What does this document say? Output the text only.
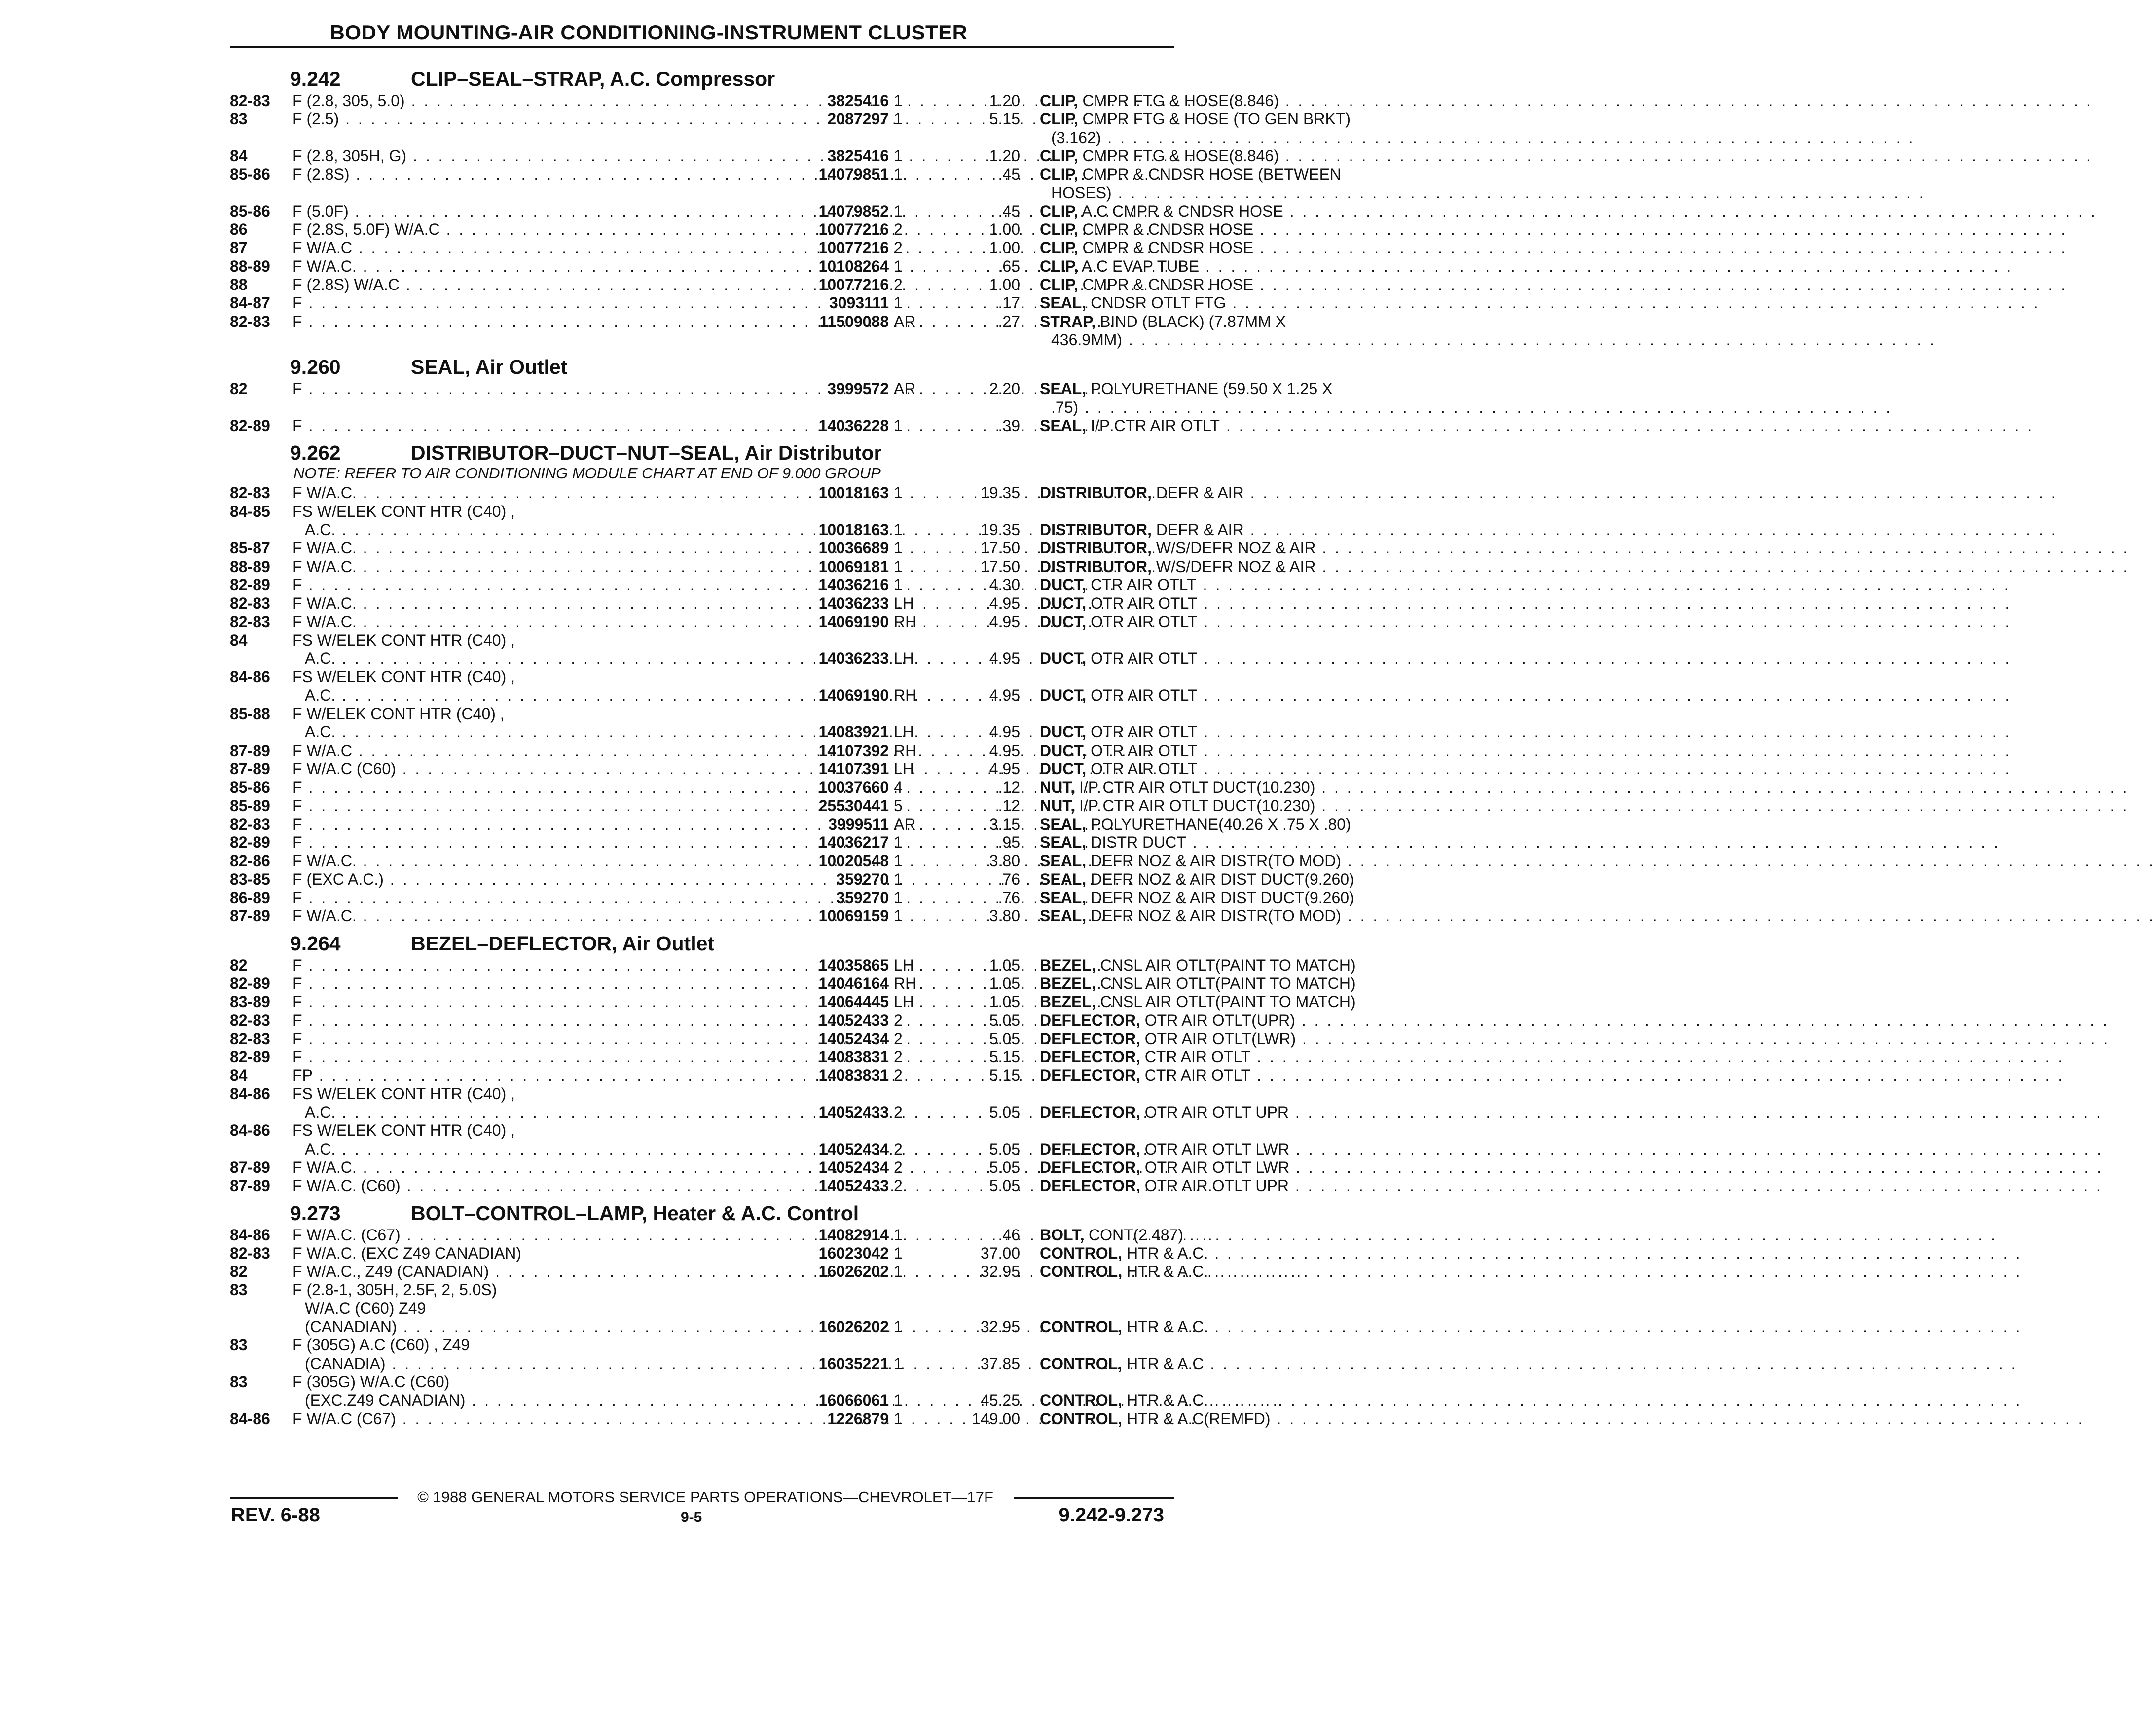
BODY MOUNTING-AIR CONDITIONING-INSTRUMENT CLUSTER
9.242	CLIP–SEAL–STRAP, A.C. Compressor
82-83 F (2.8, 305, 5.0) . . .	3825416 1	1.20 CLIP, CMPR FTG & HOSE(8.846). . .
83	F (2.5) . . .	2087297 1	5.15 CLIP, CMPR FTG & HOSE (TO GEN BRKT)
(3.162). . .
84	F (2.8, 305H, G) . . .	3825416 1	1.20 CLIP, CMPR FTG & HOSE(8.846). . .
85-86 F (2.8S) . . .	14079851 1	.45 CLIP, CMPR & CNDSR HOSE (BETWEEN
HOSES). . .
85-86 F (5.0F) . . .	14079852 1	.45 CLIP, A.C CMPR & CNDSR HOSE. . .
86	F (2.8S, 5.0F) W/A.C . . .	10077216 2	1.00 CLIP, CMPR & CNDSR HOSE. . .
87	F W/A.C . . .	10077216 2	1.00 CLIP, CMPR & CNDSR HOSE. . .
88-89 F W/A.C. . . .	10108264 1	.65 CLIP, A.C EVAP TUBE. . .
88	F (2.8S) W/A.C . . .	10077216 2	1.00 CLIP, CMPR & CNDSR HOSE. . .
84-87 F . . .	3093111 1	.17 SEAL, CNDSR OTLT FTG. . .
82-83 F . . .	11509088 AR	.27 STRAP, BIND (BLACK) (7.87MM X
436.9MM). . .
9.260	SEAL, Air Outlet
82	F . . .	3999572 AR	2.20 SEAL, POLYURETHANE (59.50 X 1.25 X
.75). . .
82-89 F . . .	14036228 1	.39 SEAL, I/P CTR AIR OTLT. . .
9.262	DISTRIBUTOR–DUCT–NUT–SEAL, Air Distributor
NOTE: REFER TO AIR CONDITIONING MODULE CHART AT END OF 9.000 GROUP
82-83 F W/A.C. . . .	10018163 1	19.35 DISTRIBUTOR, DEFR & AIR. . .
84-85 FS W/ELEK CONT HTR (C40) ,
A.C. . . .	10018163 1	19.35 DISTRIBUTOR, DEFR & AIR. . .
85-87 F W/A.C. . . .	10036689 1	17.50 DISTRIBUTOR, W/S/DEFR NOZ & AIR. . .
88-89 F W/A.C. . . .	10069181 1	17.50 DISTRIBUTOR, W/S/DEFR NOZ & AIR. . .
82-89 F . . .	14036216 1	4.30 DUCT, CTR AIR OTLT. . .
82-83 F W/A.C. . . .	14036233 LH	4.95 DUCT, OTR AIR OTLT. . .
82-83 F W/A.C. . . .	14069190 RH	4.95 DUCT, OTR AIR OTLT. . .
84	FS W/ELEK CONT HTR (C40) ,
A.C. . . .	14036233 LH	4.95 DUCT, OTR AIR OTLT. . .
84-86 FS W/ELEK CONT HTR (C40) ,
A.C. . . .	14069190 RH	4.95 DUCT, OTR AIR OTLT. . .
85-88 F W/ELEK CONT HTR (C40) ,
A.C. . . .	14083921 LH	4.95 DUCT, OTR AIR OTLT. . .
87-89 F W/A.C . . .	14107392 RH	4.95 DUCT, OTR AIR OTLT. . .
87-89 F W/A.C (C60) . . .	14107391 LH	4.95 DUCT, OTR AIR OTLT. . .
85-86 F . . .	10037660 4	.12 NUT, I/P CTR AIR OTLT DUCT(10.230). . .
85-89 F . . .	25530441 5	.12 NUT, I/P CTR AIR OTLT DUCT(10.230). . .
82-83 F . . .	3999511 AR	3.15 SEAL, POLYURETHANE(40.26 X .75 X .80)
82-89 F . . .	14036217 1	.95 SEAL, DISTR DUCT. . .
82-86 F W/A.C. . . .	10020548 1	3.80 SEAL, DEFR NOZ & AIR DISTR(TO MOD). . .
83-85 F (EXC A.C.) . . .	359270 1	.76 SEAL, DEFR NOZ & AIR DIST DUCT(9.260)
86-89 F . . .	359270 1	.76 SEAL, DEFR NOZ & AIR DIST DUCT(9.260)
87-89 F W/A.C. . . .	10069159 1	3.80 SEAL, DEFR NOZ & AIR DISTR(TO MOD). . .
9.264	BEZEL–DEFLECTOR, Air Outlet
82	F . . .	14035865 LH	1.05 BEZEL, CNSL AIR OTLT(PAINT TO MATCH)
82-89 F . . .	14046164 RH	1.05 BEZEL, CNSL AIR OTLT(PAINT TO MATCH)
83-89 F . . .	14064445 LH	1.05 BEZEL, CNSL AIR OTLT(PAINT TO MATCH)
82-83 F . . .	14052433 2	5.05 DEFLECTOR, OTR AIR OTLT(UPR). . .
82-83 F . . .	14052434 2	5.05 DEFLECTOR, OTR AIR OTLT(LWR). . .
82-89 F . . .	14083831 2	5.15 DEFLECTOR, CTR AIR OTLT. . .
84	FP . . .	14083831 2	5.15 DEFLECTOR, CTR AIR OTLT. . .
84-86 FS W/ELEK CONT HTR (C40) ,
A.C. . . .	14052433 2	5.05 DEFLECTOR, OTR AIR OTLT UPR. . .
84-86 FS W/ELEK CONT HTR (C40) ,
A.C. . . .	14052434 2	5.05 DEFLECTOR, OTR AIR OTLT LWR. . .
87-89 F W/A.C. . . .	14052434 2	5.05 DEFLECTOR, OTR AIR OTLT LWR. . .
87-89 F W/A.C. (C60) . . .	14052433 2	5.05 DEFLECTOR, OTR AIR OTLT UPR. . .
9.273	BOLT–CONTROL–LAMP, Heater & A.C. Control
84-86 F W/A.C. (C67) . . .	14082914 1	.46 BOLT, CONT(2.487). . .
82-83 F W/A.C. (EXC Z49 CANADIAN)	16023042 1	37.00 CONTROL, HTR & A.C.. . .
82	F W/A.C., Z49 (CANADIAN) . . .	16026202 1	32.95 CONTROL, HTR & A.C.. . .
83	F (2.8-1, 305H, 2.5F, 2, 5.0S)
W/A.C (C60) Z49
(CANADIAN) . . .	16026202 1	32.95 CONTROL, HTR & A.C.. . .
83	F (305G) A.C (C60) , Z49
(CANADIA) . . .	16035221 1	37.85 CONTROL, HTR & A.C. . .
83	F (305G) W/A.C (C60)
(EXC.Z49 CANADIAN) . . .	16066061 1	45.25 CONTROL, HTR & A.C.. . .
84-86 F W/A.C (C67) . . .	1226879 1	149.00 CONTROL, HTR & A.C(REMFD). . .
© 1988 GENERAL MOTORS SERVICE PARTS OPERATIONS—CHEVROLET—17F
REV. 6-88	9-5	9.242-9.273
